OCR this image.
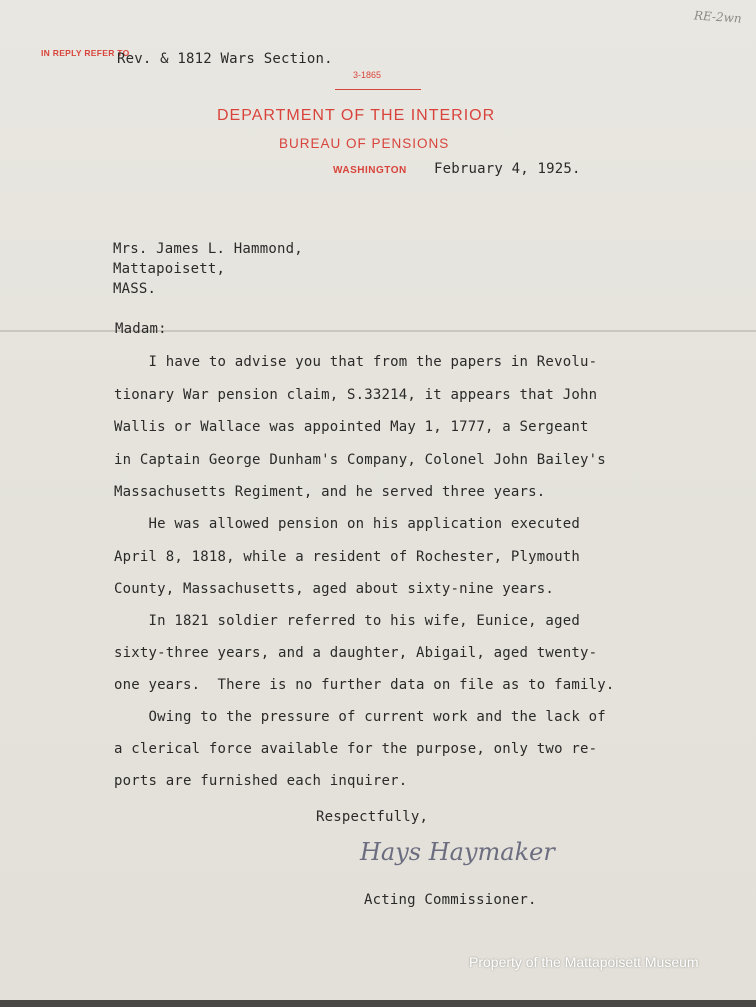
RE-2wn
IN REPLY REFER TO
Rev. & 1812 Wars Section.
3-1865
DEPARTMENT OF THE INTERIOR
BUREAU OF PENSIONS
WASHINGTON February 4, 1925.
Mrs. James L. Hammond,
Mattapoisett,
MASS.
Madam:
I have to advise you that from the papers in Revolu-
tionary War pension claim, S.33214, it appears that John
Wallis or Wallace was appointed May 1, 1777, a Sergeant
in Captain George Dunham's Company, Colonel John Bailey's
Massachusetts Regiment, and he served three years.
He was allowed pension on his application executed
April 8, 1818, while a resident of Rochester, Plymouth
County, Massachusetts, aged about sixty-nine years.
In 1821 soldier referred to his wife, Eunice, aged
sixty-three years, and a daughter, Abigail, aged twenty-
one years.  There is no further data on file as to family.
Owing to the pressure of current work and the lack of
a clerical force available for the purpose, only two re-
ports are furnished each inquirer.
Respectfully,
Hays Haymaker
Acting Commissioner.
Property of the Mattapoisett Museum
